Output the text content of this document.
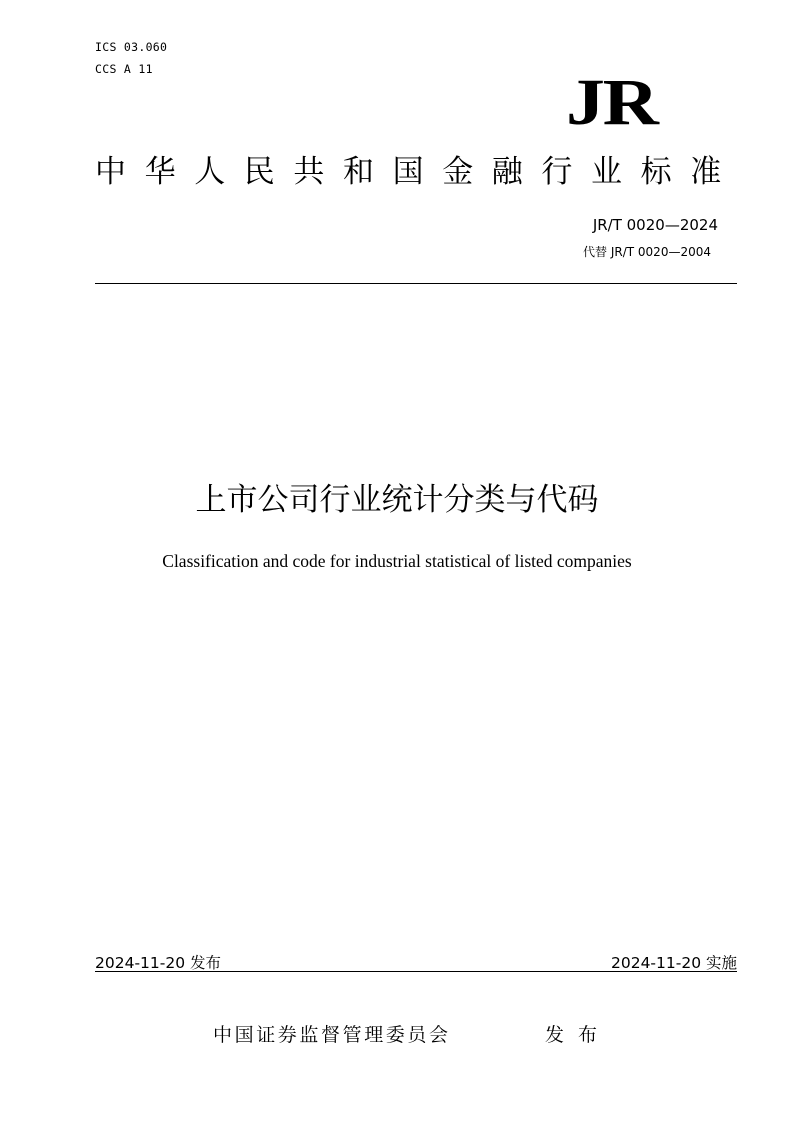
ICS 03.060
CCS A 11	JR
中华人民共和国金融行业标准
JR/T 0020—2024
代替 JR/T 0020—2004
上市公司行业统计分类与代码
Classification and code for industrial statistical of listed companies
2024-11-20 发布	2024-11-20 实施
中国证券监督管理委员会	发布
